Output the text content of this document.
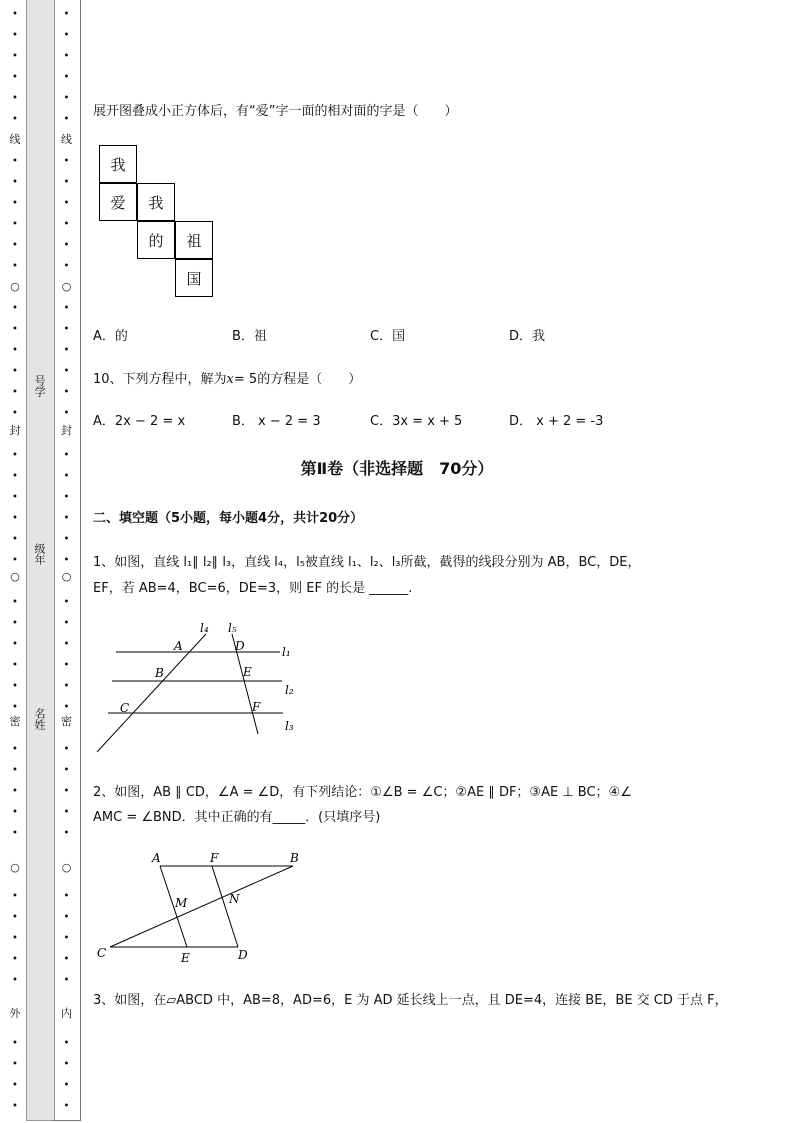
•
•
•
•
•
•
•
•
•
•
•
•
•
•
•
•
•
•
•
•
•
•
•
•
•
•
•
•
•
•
•
•
•
•
•
•
•
•
•
•
•
•
•
•
线
○
封
○
密
○
外
号学
级年
名姓
•
•
•
•
•
•
•
•
•
•
•
•
•
•
•
•
•
•
•
•
•
•
•
•
•
•
•
•
•
•
•
•
•
•
•
•
•
•
•
•
•
•
•
•
线
○
封
○
密
○
内
展开图叠成小正方体后，有“爱”字一面的相对面的字是（　　）
我
爱	我
的	祖
国
A．的	B．祖	C．国	D．我
10、下列方程中，解为x= 5的方程是（　　）
A．2x − 2 = x	B． x − 2 = 3	C．3x = x + 5	D． x + 2 = -3
第Ⅱ卷（非选择题　70分）
二、填空题（5小题，每小题4分，共计20分）
1、如图，直线 l₁∥ l₂∥ l₃，直线 l₄，l₅被直线 l₁、l₂、l₃所截，截得的线段分别为 AB，BC，DE，
EF，若 AB=4，BC=6，DE=3，则 EF 的长是 ______.
l₄ l₅
l₁
l₂
l₃
A
B
C
D
E
F
A	F	B
M	N
C	E	D
2、如图，AB ∥ CD，∠A = ∠D，有下列结论：①∠B = ∠C；②AE ∥ DF；③AE ⊥ BC；④∠
AMC = ∠BND．其中正确的有_____．(只填序号)
3、如图，在▱ABCD 中，AB=8，AD=6，E 为 AD 延长线上一点，且 DE=4，连接 BE，BE 交 CD 于点 F，
